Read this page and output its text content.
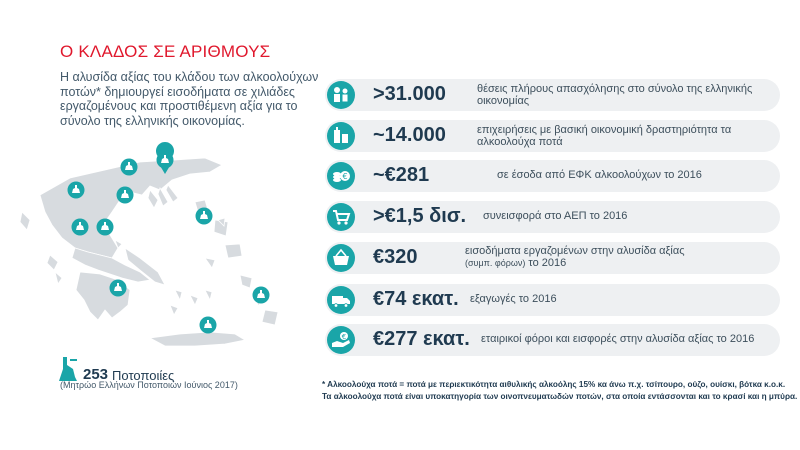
Ο ΚΛΑΔΟΣ ΣΕ ΑΡΙΘΜΟΥΣ
Η αλυσίδα αξίας του κλάδου των αλκοολούχων ποτών* δημιουργεί εισοδήματα σε χιλιάδες εργαζομένους και προστιθέμενη αξία για το σύνολο της ελληνικής οικονομίας.
253 Ποτοποιίες
(Μητρώο Ελλήνων Ποτοποιών Ιούνιος 2017)
>31.000	θέσεις πλήρους απασχόλησης στο σύνολο της ελληνικής
οικονομίας
~14.000	επιχειρήσεις με βασική οικονομική δραστηριότητα τα
αλκοολούχα ποτά
€ ~€281	σε έσοδα από ΕΦΚ αλκοολούχων το 2016
>€1,5 δισ. συνεισφορά στο ΑΕΠ το 2016
€320	εισοδήματα εργαζομένων στην αλυσίδα αξίας
(συμπ. φόρων) το 2016
€74 εκατ. εξαγωγές το 2016
€ €277 εκατ. εταιρικοί φόροι και εισφορές στην αλυσίδα αξίας το 2016
* Αλκοολούχα ποτά = ποτά με περιεκτικότητα αιθυλικής αλκοόλης 15% κα άνω π.χ. τσίπουρο, ούζο, ουίσκι, βότκα κ.ο.κ.
Τα αλκοολούχα ποτά είναι υποκατηγορία των οινοπνευματωδών ποτών, στα οποία εντάσσονται και το κρασί και η μπύρα.
